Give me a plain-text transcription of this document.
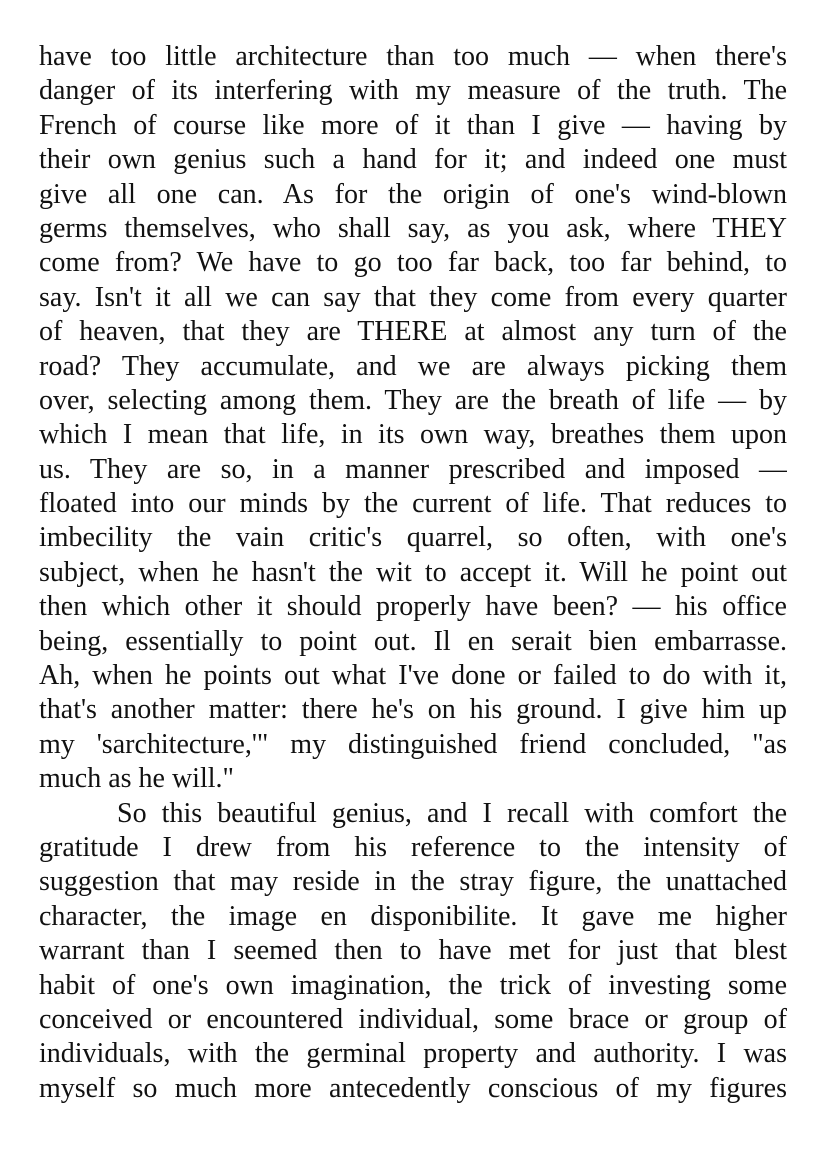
have too little architecture than too much — when there's
danger of its interfering with my measure of the truth. The
French of course like more of it than I give — having by
their own genius such a hand for it; and indeed one must
give all one can. As for the origin of one's wind-blown
germs themselves, who shall say, as you ask, where THEY
come from? We have to go too far back, too far behind, to
say. Isn't it all we can say that they come from every quarter
of heaven, that they are THERE at almost any turn of the
road? They accumulate, and we are always picking them
over, selecting among them. They are the breath of life — by
which I mean that life, in its own way, breathes them upon
us. They are so, in a manner prescribed and imposed —
floated into our minds by the current of life. That reduces to
imbecility the vain critic's quarrel, so often, with one's
subject, when he hasn't the wit to accept it. Will he point out
then which other it should properly have been? — his office
being, essentially to point out. Il en serait bien embarrasse.
Ah, when he points out what I've done or failed to do with it,
that's another matter: there he's on his ground. I give him up
my 'sarchitecture,'" my distinguished friend concluded, "as
much as he will."
So this beautiful genius, and I recall with comfort the
gratitude I drew from his reference to the intensity of
suggestion that may reside in the stray figure, the unattached
character, the image en disponibilite. It gave me higher
warrant than I seemed then to have met for just that blest
habit of one's own imagination, the trick of investing some
conceived or encountered individual, some brace or group of
individuals, with the germinal property and authority. I was
myself so much more antecedently conscious of my figures
